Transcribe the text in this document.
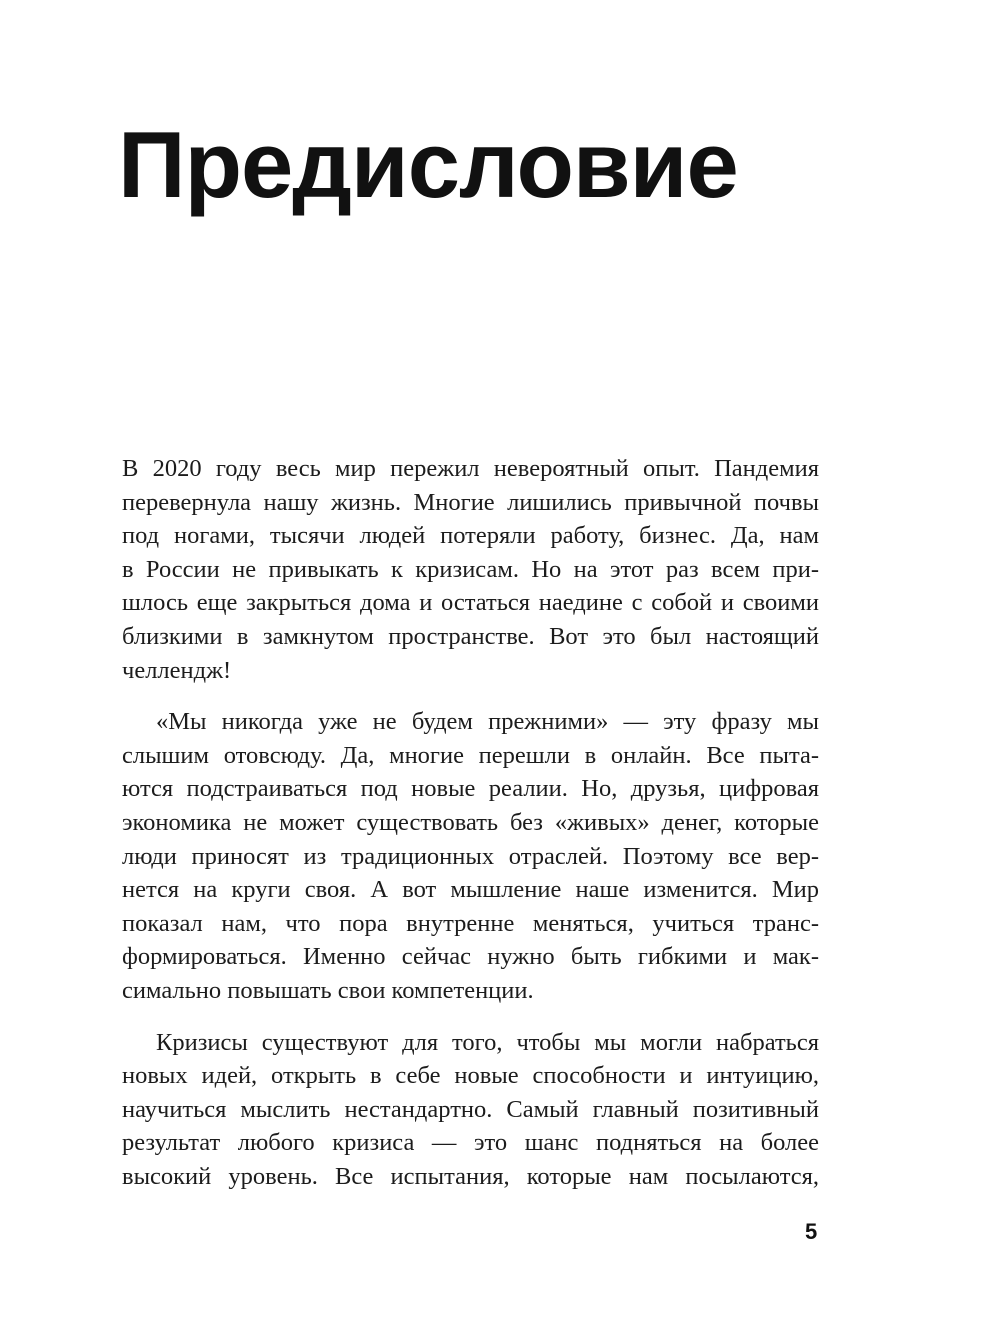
Предисловие

В 2020 году весь мир пережил невероятный опыт. Пандемия
перевернула нашу жизнь. Многие лишились привычной почвы
под ногами, тысячи людей потеряли работу, бизнес. Да, нам
в России не привыкать к кризисам. Но на этот раз всем при-
шлось еще закрыться дома и остаться наедине с собой и своими
близкими в замкнутом пространстве. Вот это был настоящий
челлендж!

«Мы никогда уже не будем прежними» — эту фразу мы
слышим отовсюду. Да, многие перешли в онлайн. Все пыта-
ются подстраиваться под новые реалии. Но, друзья, цифровая
экономика не может существовать без «живых» денег, которые
люди приносят из традиционных отраслей. Поэтому все вер-
нется на круги своя. А вот мышление наше изменится. Мир
показал нам, что пора внутренне меняться, учиться транс-
формироваться. Именно сейчас нужно быть гибкими и мак-
симально повышать свои компетенции.

Кризисы существуют для того, чтобы мы могли набраться
новых идей, открыть в себе новые способности и интуицию,
научиться мыслить нестандартно. Самый главный позитивный
результат любого кризиса — это шанс подняться на более
высокий уровень. Все испытания, которые нам посылаются,

5
